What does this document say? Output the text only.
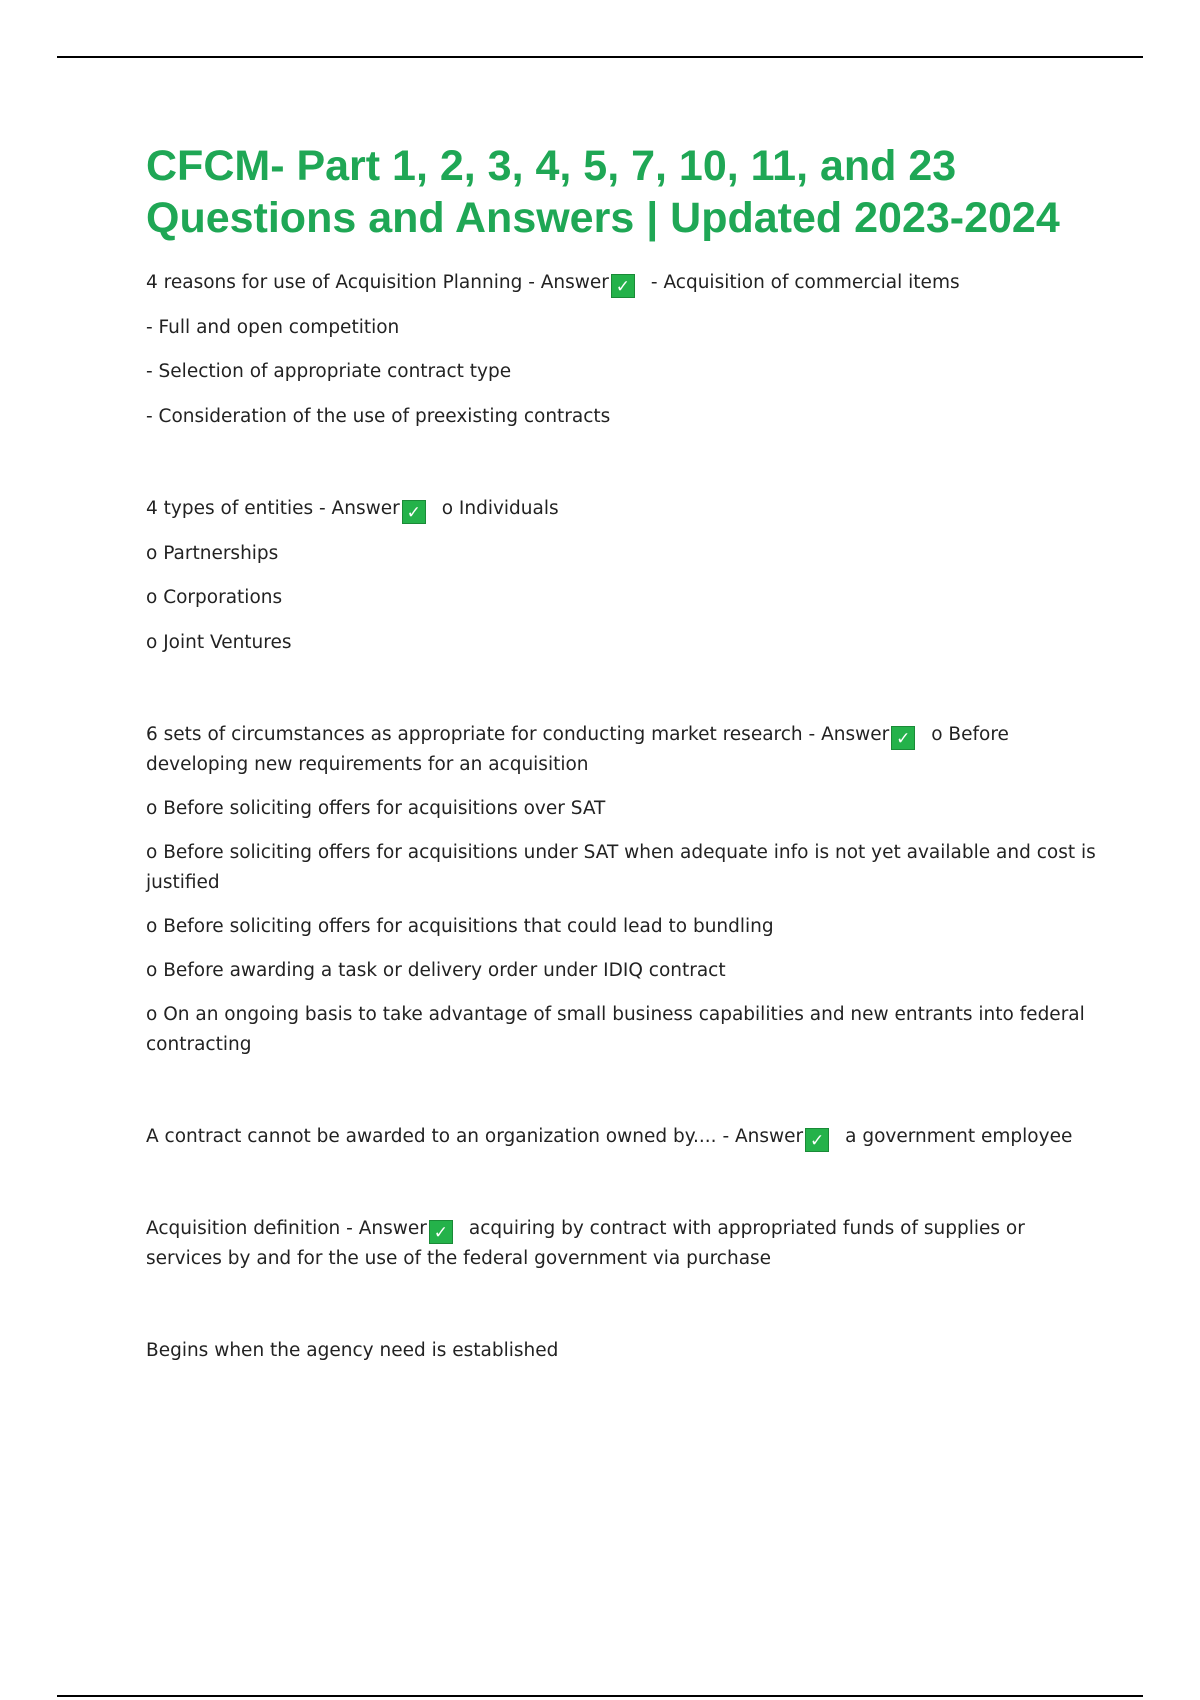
CFCM- Part 1, 2, 3, 4, 5, 7, 10, 11, and 23 Questions and Answers | Updated 2023-2024

4 reasons for use of Acquisition Planning - Answer ✓ - Acquisition of commercial items

- Full and open competition

- Selection of appropriate contract type

- Consideration of the use of preexisting contracts

4 types of entities - Answer ✓ o Individuals

o Partnerships

o Corporations

o Joint Ventures

6 sets of circumstances as appropriate for conducting market research - Answer ✓ o Before developing new requirements for an acquisition

o Before soliciting offers for acquisitions over SAT

o Before soliciting offers for acquisitions under SAT when adequate info is not yet available and cost is justified

o Before soliciting offers for acquisitions that could lead to bundling

o Before awarding a task or delivery order under IDIQ contract

o On an ongoing basis to take advantage of small business capabilities and new entrants into federal contracting

A contract cannot be awarded to an organization owned by.... - Answer ✓ a government employee

Acquisition definition - Answer ✓ acquiring by contract with appropriated funds of supplies or services by and for the use of the federal government via purchase

Begins when the agency need is established
